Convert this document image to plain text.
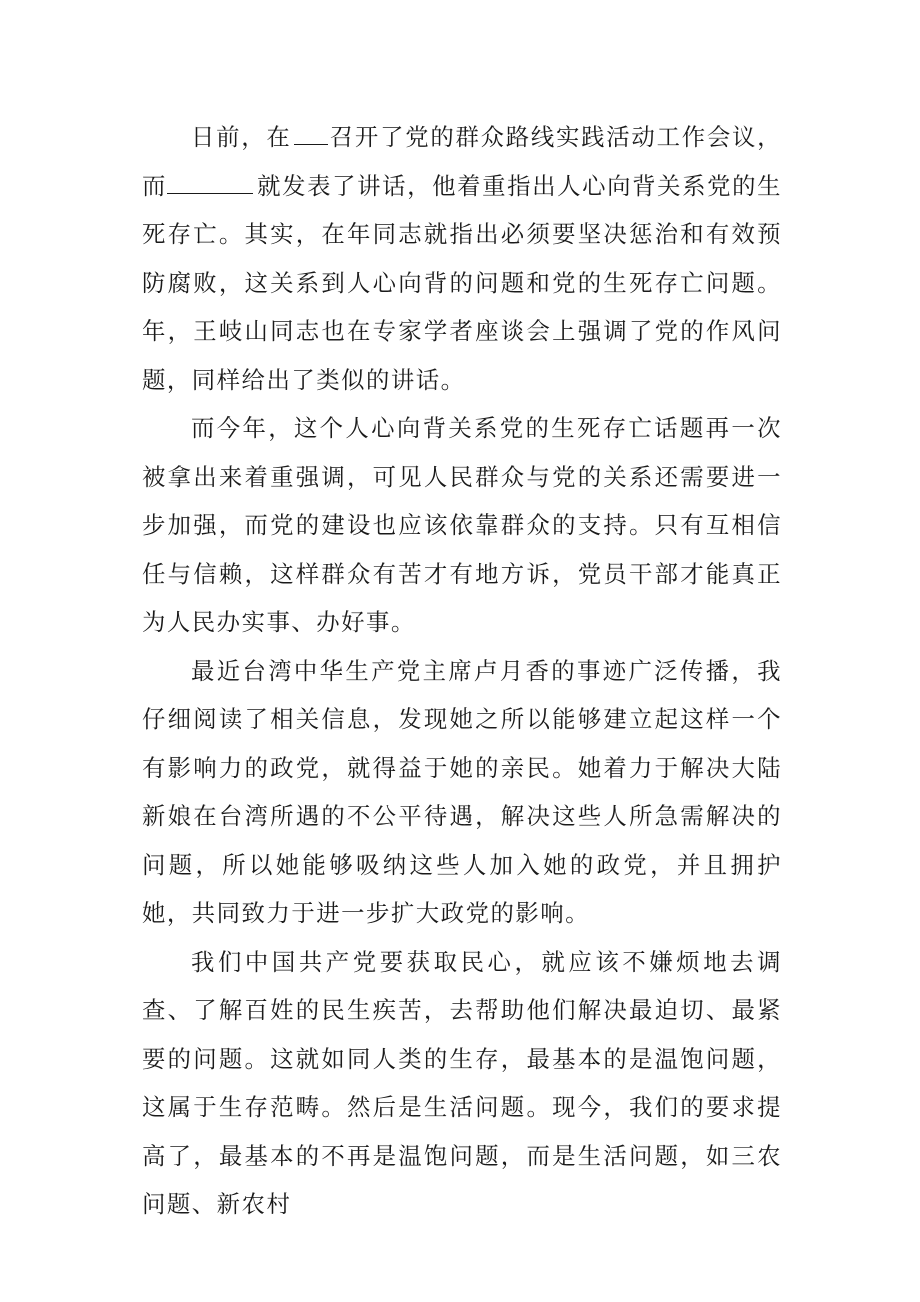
日前，在 召开了党的群众路线实践活动工作会议，而	就发表了讲话，他着重指出人心向背关系党的生死存亡。其实，在年同志就指出必须要坚决惩治和有效预防腐败，这关系到人心向背的问题和党的生死存亡问题。年，王岐山同志也在专家学者座谈会上强调了党的作风问题，同样给出了类似的讲话。

而今年，这个人心向背关系党的生死存亡话题再一次被拿出来着重强调，可见人民群众与党的关系还需要进一步加强，而党的建设也应该依靠群众的支持。只有互相信任与信赖，这样群众有苦才有地方诉，党员干部才能真正为人民办实事、办好事。

最近台湾中华生产党主席卢月香的事迹广泛传播，我仔细阅读了相关信息，发现她之所以能够建立起这样一个有影响力的政党，就得益于她的亲民。她着力于解决大陆新娘在台湾所遇的不公平待遇，解决这些人所急需解决的问题，所以她能够吸纳这些人加入她的政党，并且拥护她，共同致力于进一步扩大政党的影响。

我们中国共产党要获取民心，就应该不嫌烦地去调查、了解百姓的民生疾苦，去帮助他们解决最迫切、最紧要的问题。这就如同人类的生存，最基本的是温饱问题，这属于生存范畴。然后是生活问题。现今，我们的要求提高了，最基本的不再是温饱问题，而是生活问题，如三农问题、新农村
